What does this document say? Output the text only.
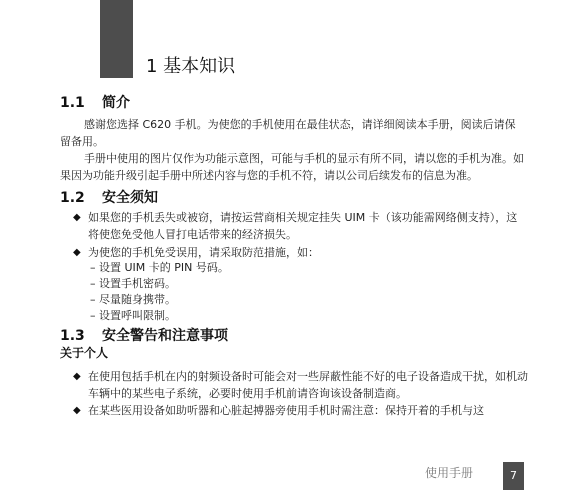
1 基本知识
1.1 简介
感谢您选择 C620 手机。为使您的手机使用在最佳状态，请详细阅读本手册，阅读后请保留备用。
手册中使用的图片仅作为功能示意图，可能与手机的显示有所不同，请以您的手机为准。如果因为功能升级引起手册中所述内容与您的手机不符，请以公司后续发布的信息为准。
1.2 安全须知
◆ 如果您的手机丢失或被窃，请按运营商相关规定挂失 UIM 卡（该功能需网络侧支持），这将使您免受他人冒打电话带来的经济损失。
◆ 为使您的手机免受误用，请采取防范措施，如：
– 设置 UIM 卡的 PIN 号码。
– 设置手机密码。
– 尽量随身携带。
– 设置呼叫限制。
1.3 安全警告和注意事项
关于个人
◆ 在使用包括手机在内的射频设备时可能会对一些屏蔽性能不好的电子设备造成干扰，如机动车辆中的某些电子系统，必要时使用手机前请咨询该设备制造商。
◆ 在某些医用设备如助听器和心脏起搏器旁使用手机时需注意：保持开着的手机与这
使用手册	7
